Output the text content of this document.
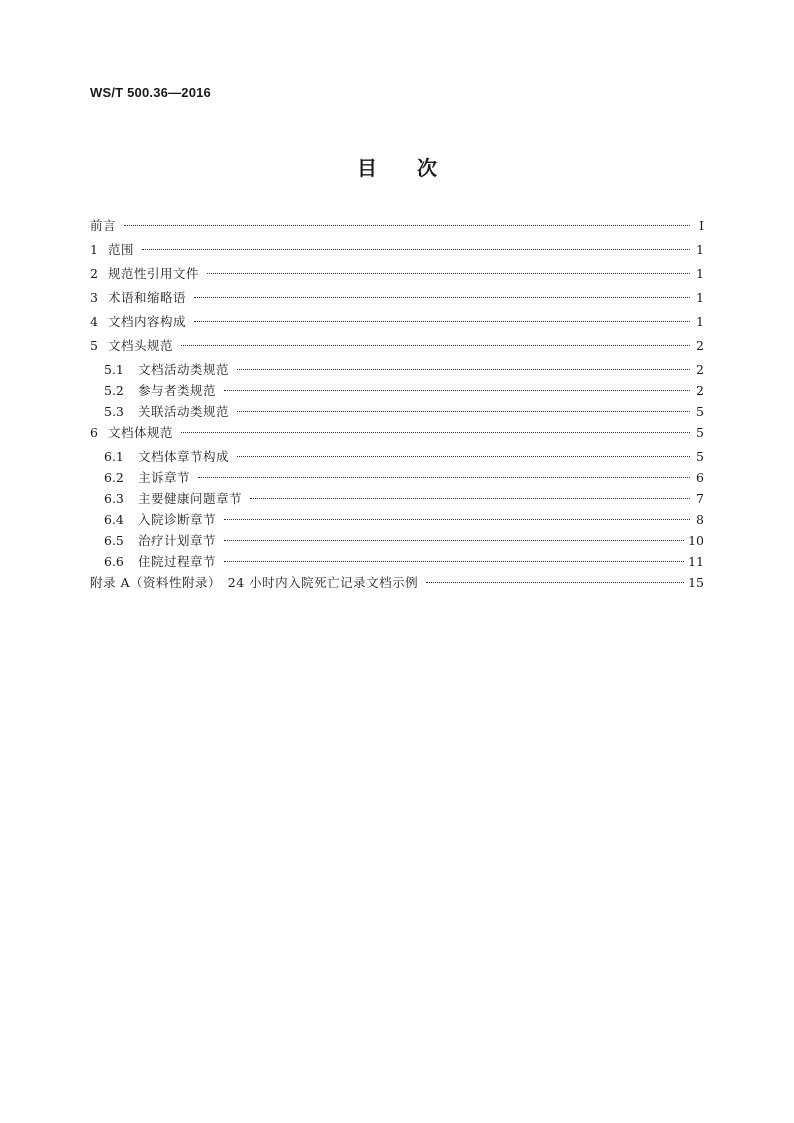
WS/T 500.36—2016
目次
前言	Ⅰ
1 范围	1
2 规范性引用文件	1
3 术语和缩略语	1
4 文档内容构成	1
5 文档头规范	2
5.1	文档活动类规范	2
5.2	参与者类规范	2
5.3	关联活动类规范	5
6 文档体规范	5
6.1	文档体章节构成	5
6.2	主诉章节	6
6.3	主要健康问题章节	7
6.4	入院诊断章节	8
6.5	治疗计划章节	10
6.6	住院过程章节	11
附录 A（资料性附录）　24 小时内入院死亡记录文档示例	15
